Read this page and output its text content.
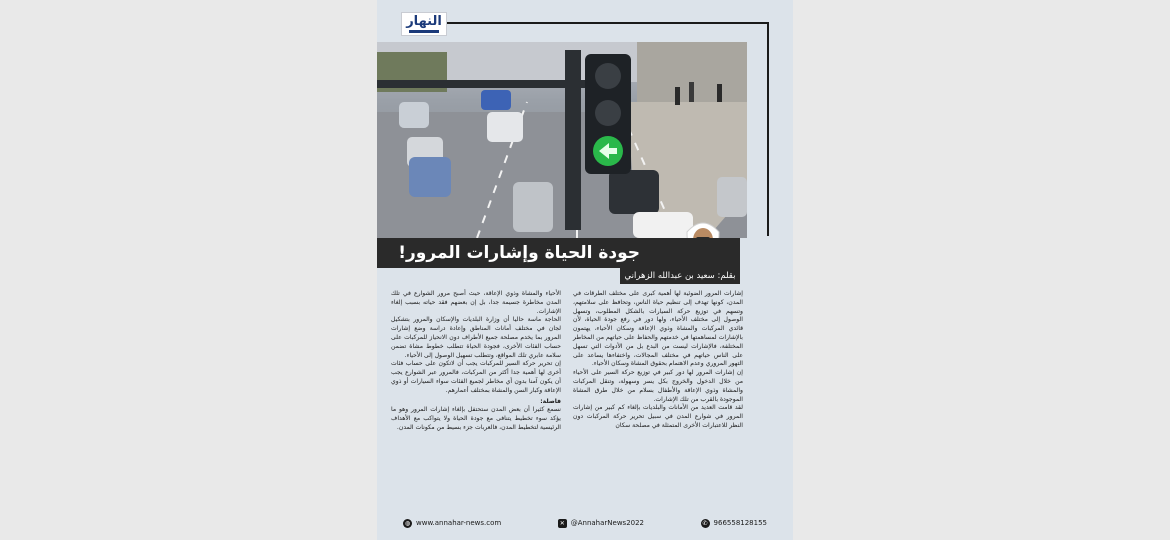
النهار
جودة الحياة وإشارات المرور!
بقلم: سعيد بن عبدالله الزهراني

إشارات المرور الضوئية لها أهمية كبرى على مختلف الطرقات في المدن، كونها تهدف إلى تنظيم حياة الناس، وتحافظ على سلامتهم، وتسهم في توزيع حركة السيارات بالشكل المطلوب، وتسهل الوصول إلى مختلف الأحياء، ولها دور في رفع جودة الحياة، لأن قائدي المركبات والمشاة وذوي الإعاقة وسكان الأحياء، يهتمون بالإشارات لمساهمتها في خدمتهم والحفاظ على حياتهم من المخاطر المختلفة، فالإشارات ليست من البدع بل من الأدوات التي تسهل على الناس حياتهم في مختلف المجالات، واختفاءها يساعد على التهور المروري وعدم الاهتمام بحقوق المشاة وسكان الأحياء.

إن إشارات المرور لها دور كبير في توزيع حركة السير على الأحياء من خلال الدخول والخروج بكل يسر وسهولة، وتنقل المركبات والمشاة وذوي الإعاقة والأطفال بسلام من خلال طرق المشاة الموجودة بالقرب من تلك الإشارات.

لقد قامت العديد من الأمانات والبلديات بإلغاء كم كبير من إشارات المرور في شوارع المدن في سبيل تحرير حركة المركبات دون النظر للاعتبارات الأخرى المتمثلة في مصلحة سكان

الأحياء والمشاة وذوي الإعاقة، حيث أصبح مرور الشوارع في تلك المدن مخاطرة جسيمة جدا، بل إن بعضهم فقد حياته بسبب إلغاء الإشارات.

الحاجة ماسة حاليا أن وزارة البلديات والإسكان والمرور بتشكيل لجان في مختلف أمانات المناطق وإعادة دراسة وضع إشارات المرور بما يخدم مصلحة جميع الأطراف دون الانحياز للمركبات على حساب الفئات الأخرى، فجودة الحياة تتطلب خطوط مشاة تضمن سلامة عابري تلك المواقع، وتتطلب تسهيل الوصول إلى الأحياء.

إن تحرير حركة السير للمركبات يجب أن لاتكون على حساب فئات أخرى لها أهمية جدا أكثر من المركبات، فالمرور عبر الشوارع يجب أن يكون آمنا بدون أي مخاطر لجميع الفئات سواء السيارات أو ذوي الإعاقة وكبار السن والمشاة بمختلف أعمارهم.

فاصلة:

نسمع كثيرا أن بعض المدن ستحتفل بإلغاء إشارات المرور وهو ما يؤكد سوء تخطيط يتنافى مع جودة الحياة ولا يتواكب مع الأهداف الرئيسية لتخطيط المدن، فالعربات جزء بسيط من مكونات المدن.

◍ www.annahar-news.com	✕ @AnnaharNews2022	✆ 966558128155
